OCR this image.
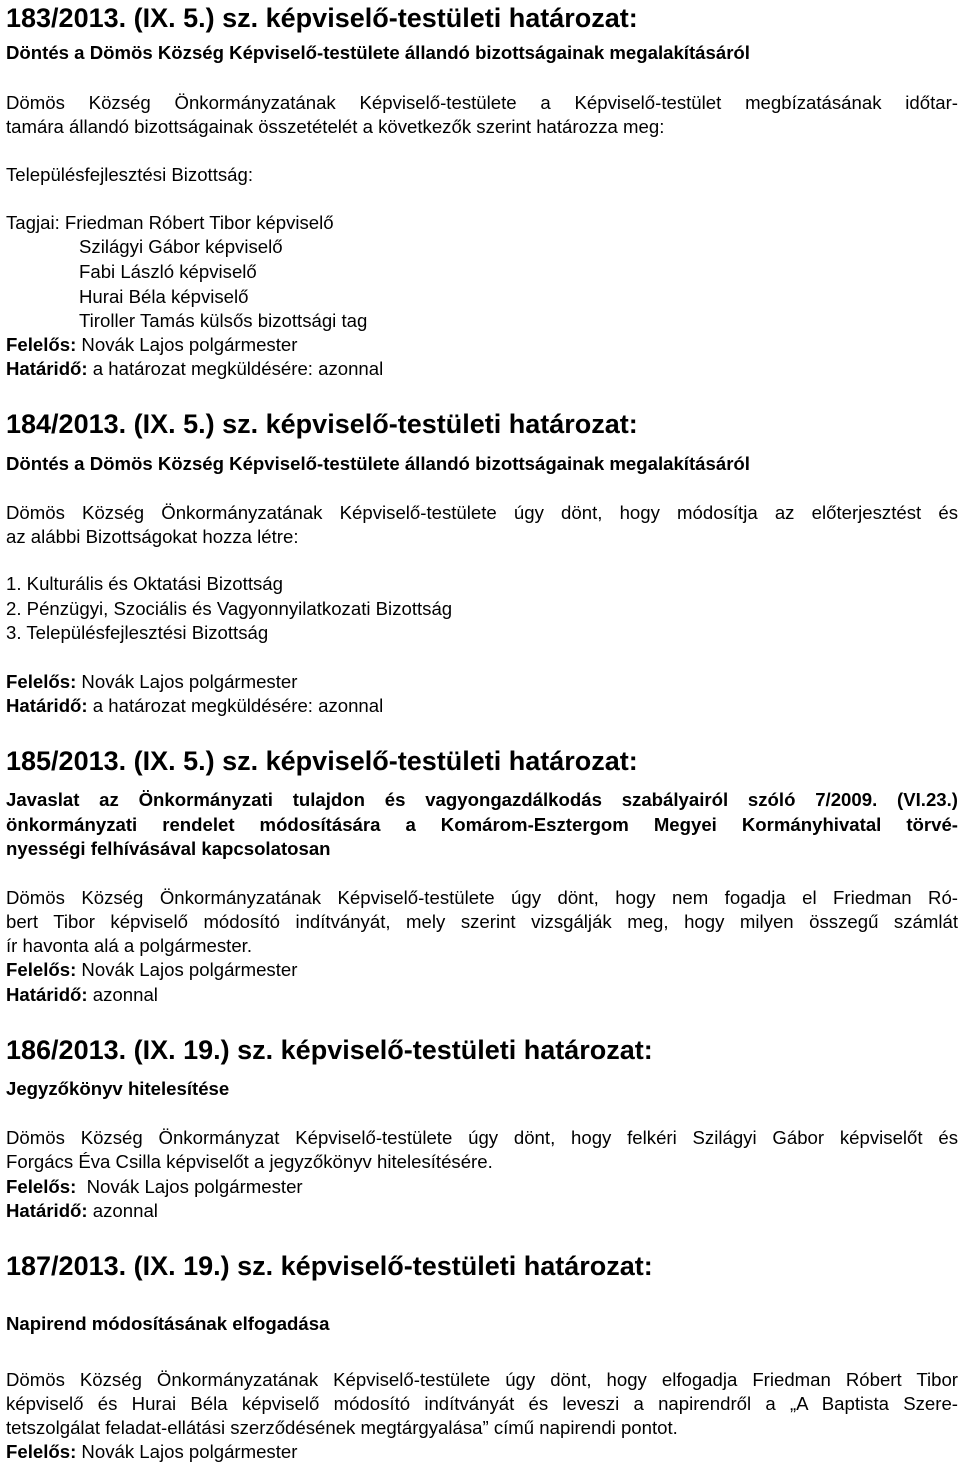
183/2013. (IX. 5.) sz. képviselő-testületi határozat:
Döntés a Dömös Község Képviselő-testülete állandó bizottságainak megalakításáról
Dömös Község Önkormányzatának Képviselő-testülete a Képviselő-testület megbízatásának időtar-
tamára állandó bizottságainak összetételét a következők szerint határozza meg:
Településfejlesztési Bizottság:
Tagjai: Friedman Róbert Tibor képviselő
Szilágyi Gábor képviselő
Fabi László képviselő
Hurai Béla képviselő
Tiroller Tamás külsős bizottsági tag
Felelős: Novák Lajos polgármester
Határidő: a határozat megküldésére: azonnal
184/2013. (IX. 5.) sz. képviselő-testületi határozat:
Döntés a Dömös Község Képviselő-testülete állandó bizottságainak megalakításáról
Dömös Község Önkormányzatának Képviselő-testülete úgy dönt, hogy módosítja az előterjesztést és
az alábbi Bizottságokat hozza létre:
1. Kulturális és Oktatási Bizottság
2. Pénzügyi, Szociális és Vagyonnyilatkozati Bizottság
3. Településfejlesztési Bizottság
Felelős: Novák Lajos polgármester
Határidő: a határozat megküldésére: azonnal
185/2013. (IX. 5.) sz. képviselő-testületi határozat:
Javaslat az Önkormányzati tulajdon és vagyongazdálkodás szabályairól szóló 7/2009. (VI.23.)
önkormányzati rendelet módosítására a Komárom-Esztergom Megyei Kormányhivatal törvé-
nyességi felhívásával kapcsolatosan
Dömös Község Önkormányzatának Képviselő-testülete úgy dönt, hogy nem fogadja el Friedman Ró-
bert Tibor képviselő módosító indítványát, mely szerint vizsgálják meg, hogy milyen összegű számlát
ír havonta alá a polgármester.
Felelős: Novák Lajos polgármester
Határidő: azonnal
186/2013. (IX. 19.) sz. képviselő-testületi határozat:
Jegyzőkönyv hitelesítése
Dömös Község Önkormányzat Képviselő-testülete úgy dönt, hogy felkéri Szilágyi Gábor képviselőt és
Forgács Éva Csilla képviselőt a jegyzőkönyv hitelesítésére.
Felelős:  Novák Lajos polgármester
Határidő: azonnal
187/2013. (IX. 19.) sz. képviselő-testületi határozat:
Napirend módosításának elfogadása
Dömös Község Önkormányzatának Képviselő-testülete úgy dönt, hogy elfogadja Friedman Róbert Tibor
képviselő és Hurai Béla képviselő módosító indítványát és leveszi a napirendről a „A Baptista Szere-
tetszolgálat feladat-ellátási szerződésének megtárgyalása” című napirendi pontot.
Felelős: Novák Lajos polgármester
